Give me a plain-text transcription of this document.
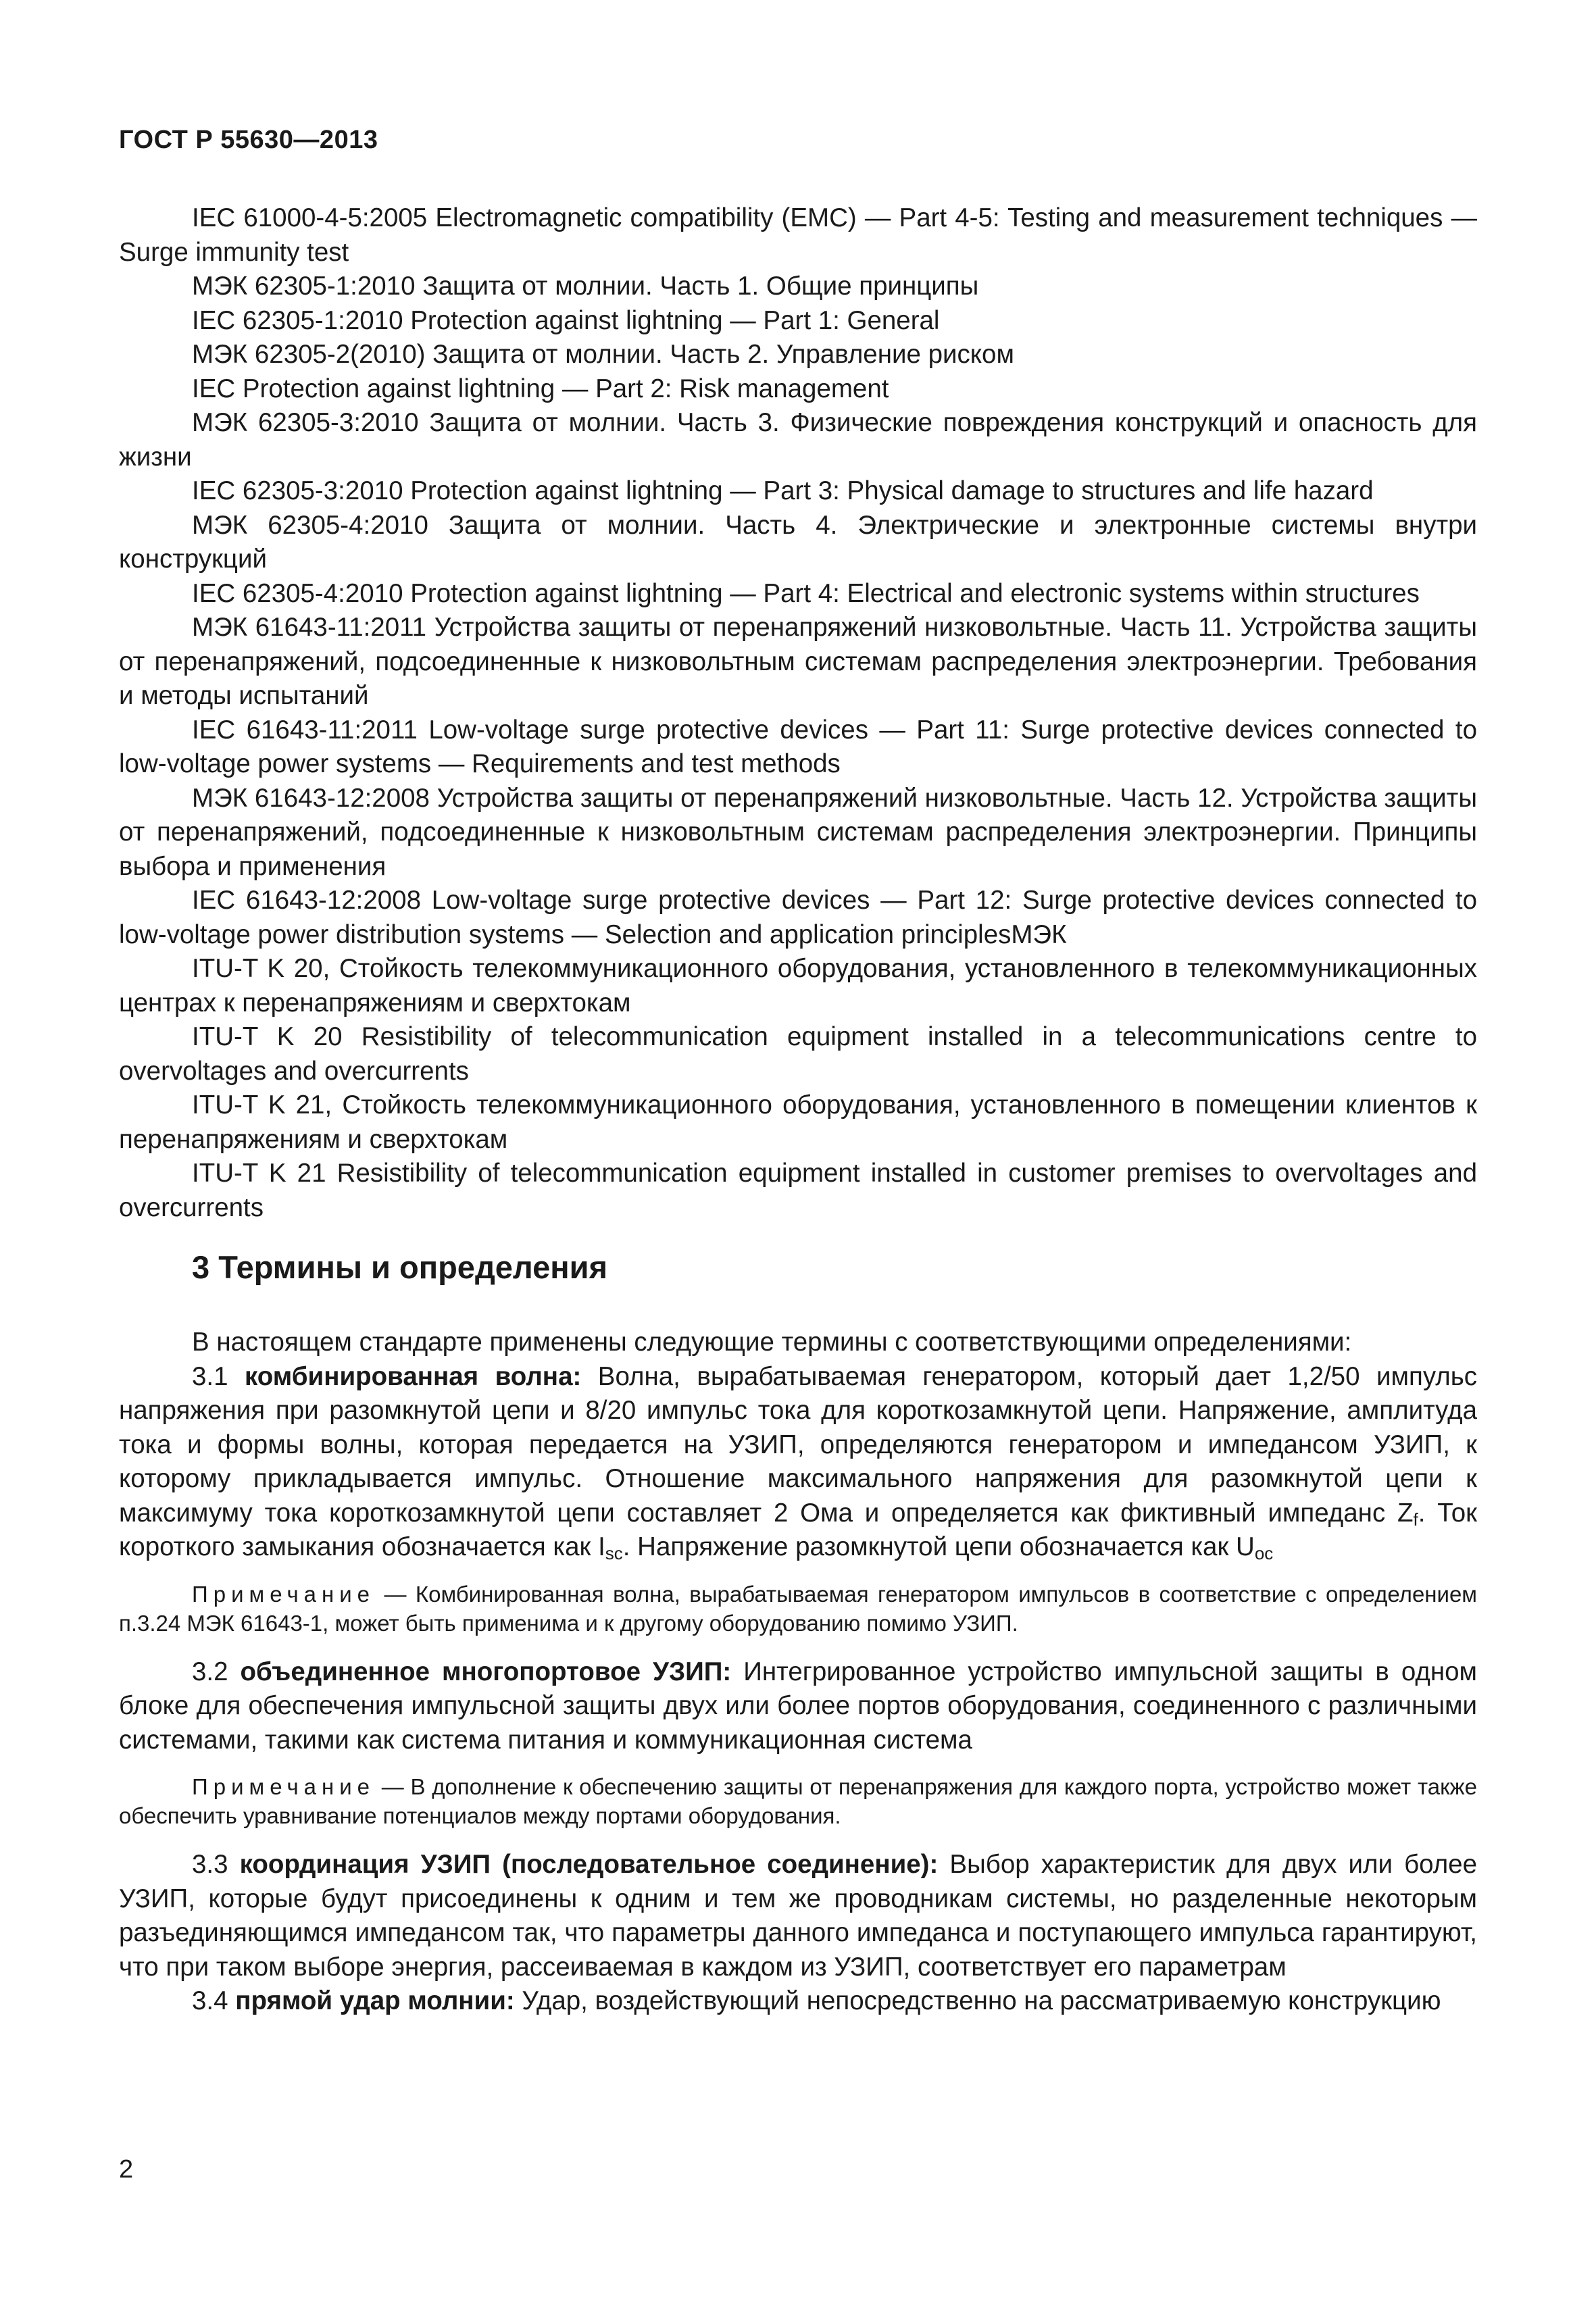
ГОСТ Р 55630—2013

IEC 61000-4-5:2005 Electromagnetic compatibility (EMC) — Part 4-5: Testing and measurement techniques — Surge immunity test

МЭК 62305-1:2010 Защита от молнии. Часть 1. Общие принципы

IEC 62305-1:2010 Protection against lightning — Part 1: General

МЭК 62305-2(2010) Защита от молнии. Часть 2. Управление риском

IEC Protection against lightning — Part 2: Risk management

МЭК 62305-3:2010 Защита от молнии. Часть 3. Физические повреждения конструкций и опасность для жизни

IEC 62305-3:2010 Protection against lightning — Part 3: Physical damage to structures and life hazard

МЭК 62305-4:2010 Защита от молнии. Часть 4. Электрические и электронные системы внутри конструкций

IEC 62305-4:2010 Protection against lightning — Part 4: Electrical and electronic systems within structures

МЭК 61643-11:2011 Устройства защиты от перенапряжений низковольтные. Часть 11. Устройства защиты от перенапряжений, подсоединенные к низковольтным системам распределения электроэнергии. Требования и методы испытаний

IEC 61643-11:2011 Low-voltage surge protective devices — Part 11: Surge protective devices connected to low-voltage power systems — Requirements and test methods

МЭК 61643-12:2008 Устройства защиты от перенапряжений низковольтные. Часть 12. Устройства защиты от перенапряжений, подсоединенные к низковольтным системам распределения электроэнергии. Принципы выбора и применения

IEC 61643-12:2008 Low-voltage surge protective devices — Part 12: Surge protective devices connected to low-voltage power distribution systems — Selection and application principlesМЭК

ITU-T K 20, Стойкость телекоммуникационного оборудования, установленного в телекоммуникационных центрах к перенапряжениям и сверхтокам

ITU-T K 20 Resistibility of telecommunication equipment installed in a telecommunications centre to overvoltages and overcurrents

ITU-T K 21, Стойкость телекоммуникационного оборудования, установленного в помещении клиентов к перенапряжениям и сверхтокам

ITU-T K 21 Resistibility of telecommunication equipment installed in customer premises to overvoltages and overcurrents

3 Термины и определения

В настоящем стандарте применены следующие термины с соответствующими определениями:

3.1 комбинированная волна: Волна, вырабатываемая генератором, который дает 1,2/50 импульс напряжения при разомкнутой цепи и 8/20 импульс тока для короткозамкнутой цепи. Напряжение, амплитуда тока и формы волны, которая передается на УЗИП, определяются генератором и импедансом УЗИП, к которому прикладывается импульс. Отношение максимального напряжения для разомкнутой цепи к максимуму тока короткозамкнутой цепи составляет 2 Ома и определяется как фиктивный импеданс $Z_f$. Ток короткого замыкания обозначается как $I_{sc}$. Напряжение разомкнутой цепи обозначается как $U_{oc}$

Примечание — Комбинированная волна, вырабатываемая генератором импульсов в соответствие с определением п.3.24 МЭК 61643-1, может быть применима и к другому оборудованию помимо УЗИП.

3.2 объединенное многопортовое УЗИП: Интегрированное устройство импульсной защиты в одном блоке для обеспечения импульсной защиты двух или более портов оборудования, соединенного с различными системами, такими как система питания и коммуникационная система

Примечание — В дополнение к обеспечению защиты от перенапряжения для каждого порта, устройство может также обеспечить уравнивание потенциалов между портами оборудования.

3.3 координация УЗИП (последовательное соединение): Выбор характеристик для двух или более УЗИП, которые будут присоединены к одним и тем же проводникам системы, но разделенные некоторым разъединяющимся импедансом так, что параметры данного импеданса и поступающего импульса гарантируют, что при таком выборе энергия, рассеиваемая в каждом из УЗИП, соответствует его параметрам

3.4 прямой удар молнии: Удар, воздействующий непосредственно на рассматриваемую конструкцию

2
